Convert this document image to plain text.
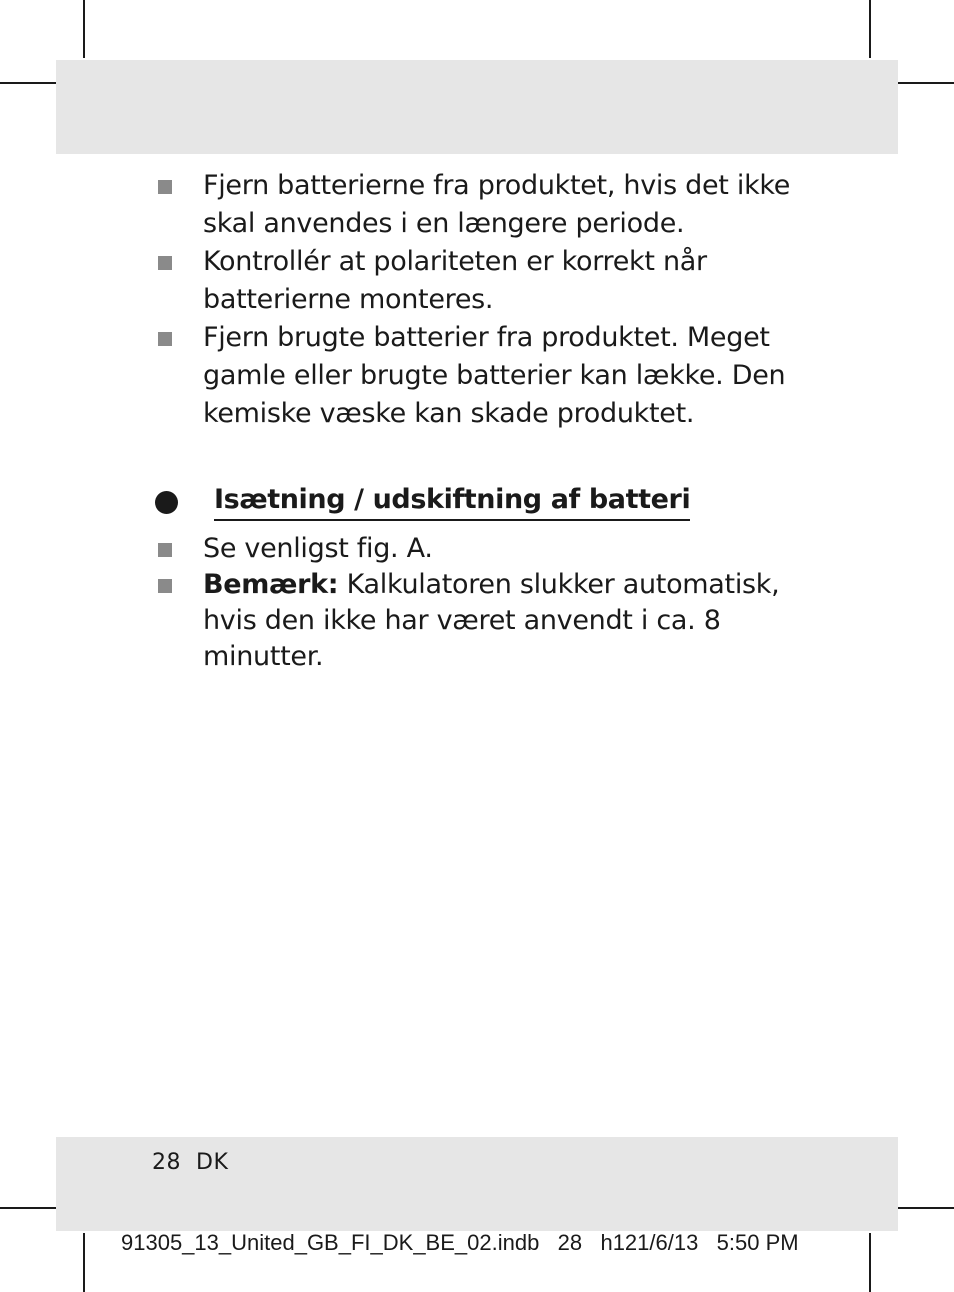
Fjern batterierne fra produktet, hvis det ikke skal anvendes i en længere periode.
Kontrollér at polariteten er korrekt når batterierne monteres.
Fjern brugte batterier fra produktet. Meget gamle eller brugte batterier kan lække. Den kemiske væske kan skade produktet.
Isætning / udskiftning af batteri
Se venligst fig. A.
Bemærk: Kalkulatoren slukker automatisk, hvis den ikke har været anvendt i ca. 8 minutter.
28 DK
91305_13_United_GB_FI_DK_BE_02.indb   28   h121/6/13   5:50 PM
